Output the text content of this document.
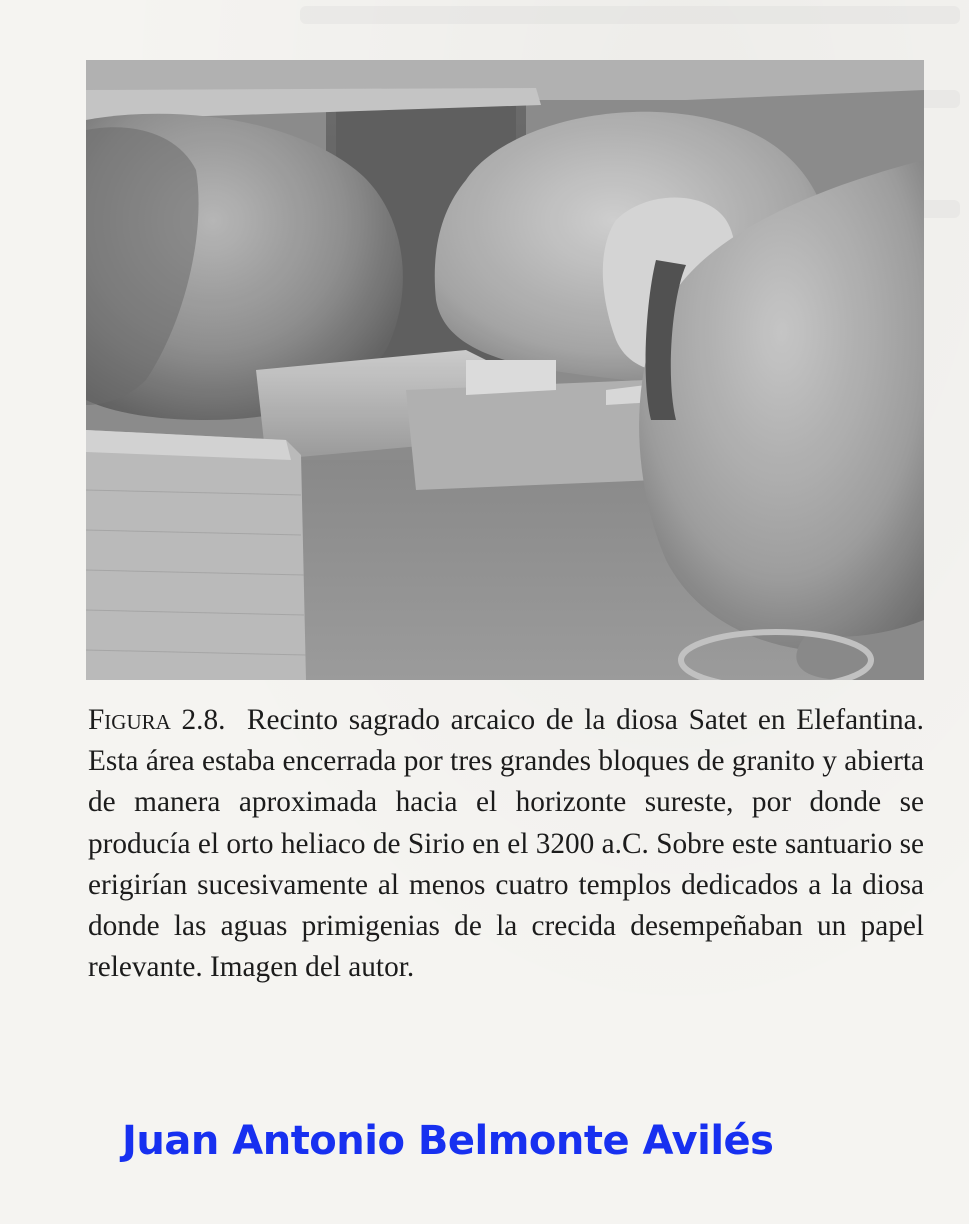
Figura 2.8. Recinto sagrado arcaico de la diosa Satet en Elefantina. Esta área estaba encerrada por tres grandes bloques de granito y abierta de manera aproximada hacia el horizonte sureste, por donde se producía el orto heliaco de Sirio en el 3200 a.C. Sobre este santuario se erigirían sucesivamente al menos cuatro templos dedicados a la diosa donde las aguas primigenias de la crecida desempeñaban un papel relevante. Imagen del autor.

Juan Antonio Belmonte Avilés
